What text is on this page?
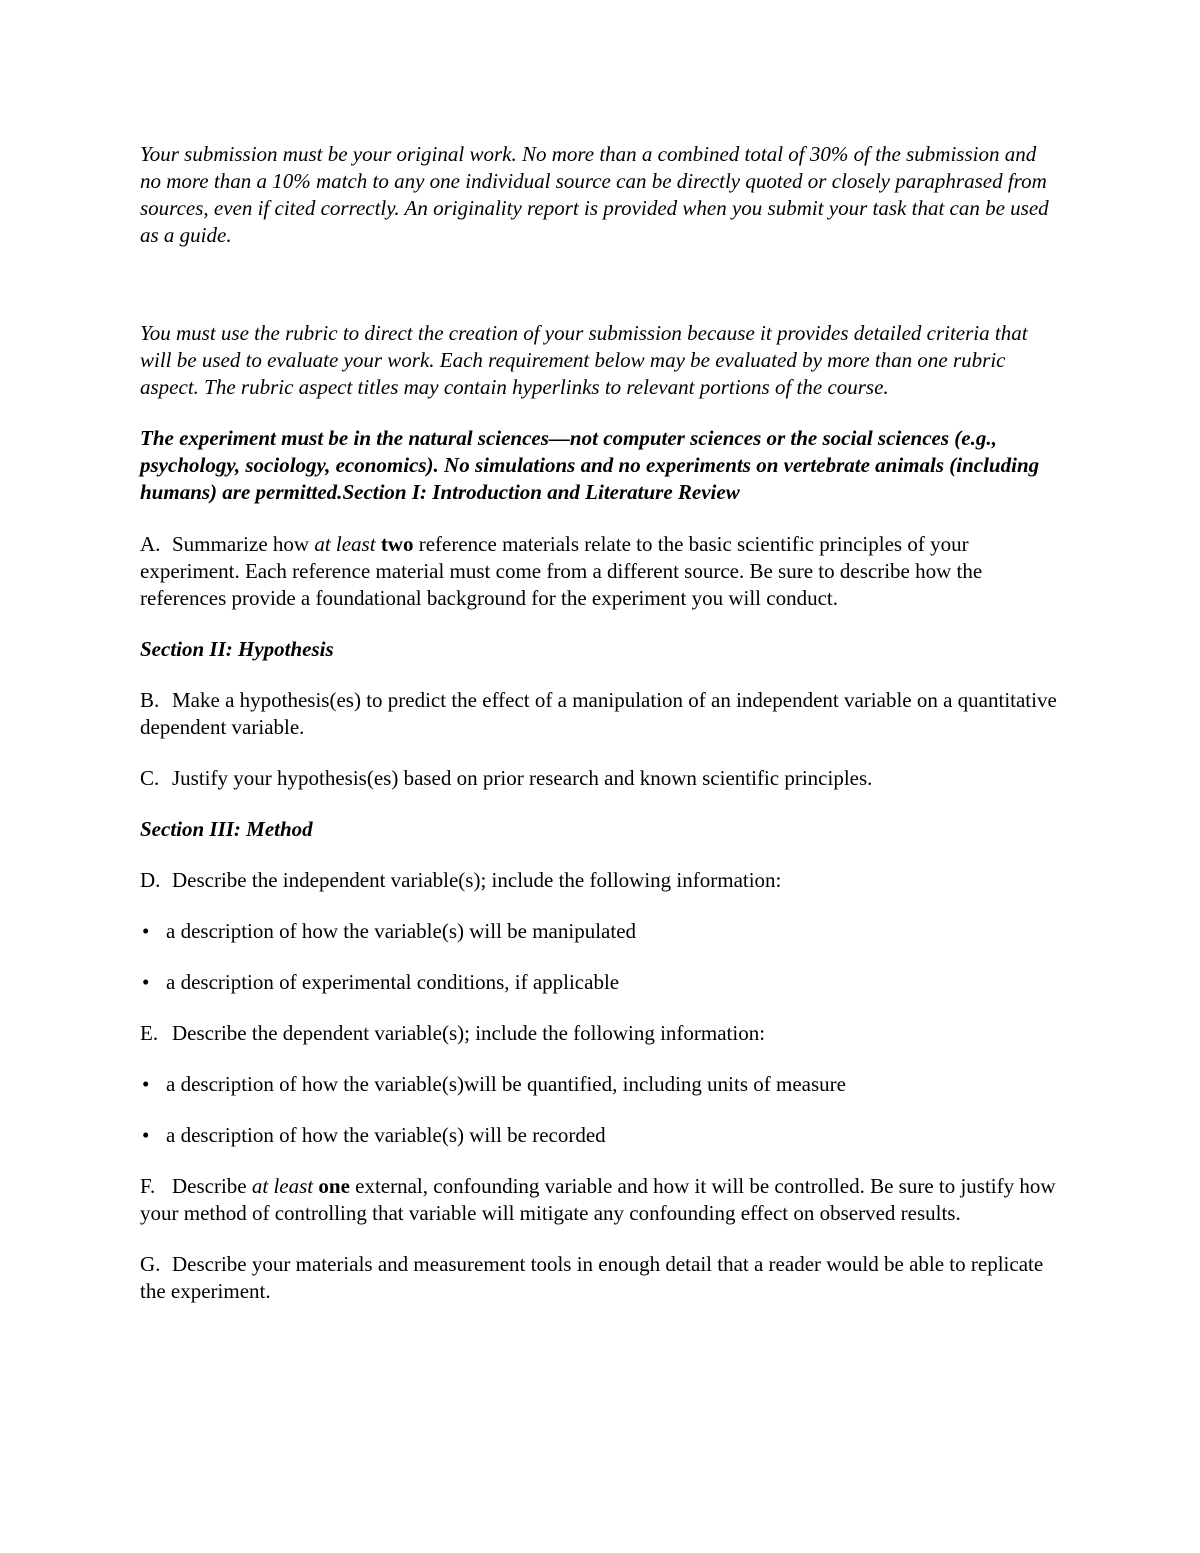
Your submission must be your original work. No more than a combined total of 30% of the submission and no more than a 10% match to any one individual source can be directly quoted or closely paraphrased from sources, even if cited correctly. An originality report is provided when you submit your task that can be used as a guide.

You must use the rubric to direct the creation of your submission because it provides detailed criteria that will be used to evaluate your work. Each requirement below may be evaluated by more than one rubric aspect. The rubric aspect titles may contain hyperlinks to relevant portions of the course.

The experiment must be in the natural sciences—not computer sciences or the social sciences (e.g., psychology, sociology, economics). No simulations and no experiments on vertebrate animals (including humans) are permitted.Section I: Introduction and Literature Review

A. Summarize how at least two reference materials relate to the basic scientific principles of your experiment. Each reference material must come from a different source. Be sure to describe how the references provide a foundational background for the experiment you will conduct.

Section II: Hypothesis

B. Make a hypothesis(es) to predict the effect of a manipulation of an independent variable on a quantitative dependent variable.

C. Justify your hypothesis(es) based on prior research and known scientific principles.

Section III: Method

D. Describe the independent variable(s); include the following information:

• a description of how the variable(s) will be manipulated

• a description of experimental conditions, if applicable

E. Describe the dependent variable(s); include the following information:

• a description of how the variable(s)will be quantified, including units of measure

• a description of how the variable(s) will be recorded

F. Describe at least one external, confounding variable and how it will be controlled. Be sure to justify how your method of controlling that variable will mitigate any confounding effect on observed results.

G. Describe your materials and measurement tools in enough detail that a reader would be able to replicate the experiment.
